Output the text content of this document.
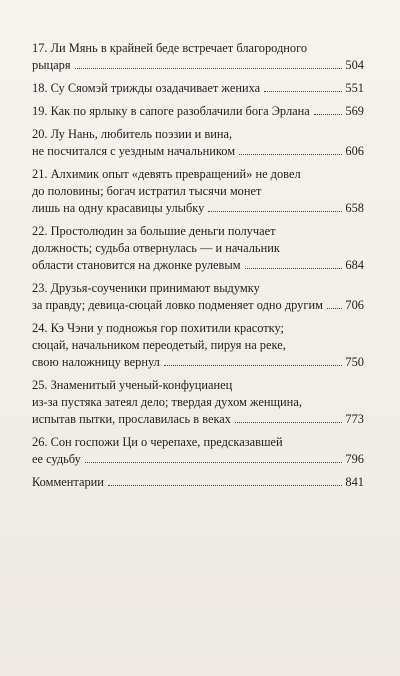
17. Ли Мянь в крайней беде встречает благородного
рыцаря	504
18. Су Сяомэй трижды озадачивает жениха	551
19. Как по ярлыку в сапоге разоблачили бога Эрлана	569
20. Лу Нань, любитель поэзии и вина,
не посчитался с уездным начальником	606
21. Алхимик опыт «девять превращений» не довел
до половины; богач истратил тысячи монет
лишь на одну красавицы улыбку	658
22. Простолюдин за большие деньги получает
должность; судьба отвернулась — и начальник
области становится на джонке рулевым	684
23. Друзья-соученики принимают выдумку
за правду; девица-сюцай ловко подменяет одно другим 706
24. Кэ Чэни у подножья гор похитили красотку;
сюцай, начальником переодетый, пируя на реке,
свою наложницу вернул	750
25. Знаменитый ученый-конфуцианец
из-за пустяка затеял дело; твердая духом женщина,
испытав пытки, прославилась в веках	773
26. Сон госпожи Ци о черепахе, предсказавшей
ее судьбу	796
Комментарии	841
